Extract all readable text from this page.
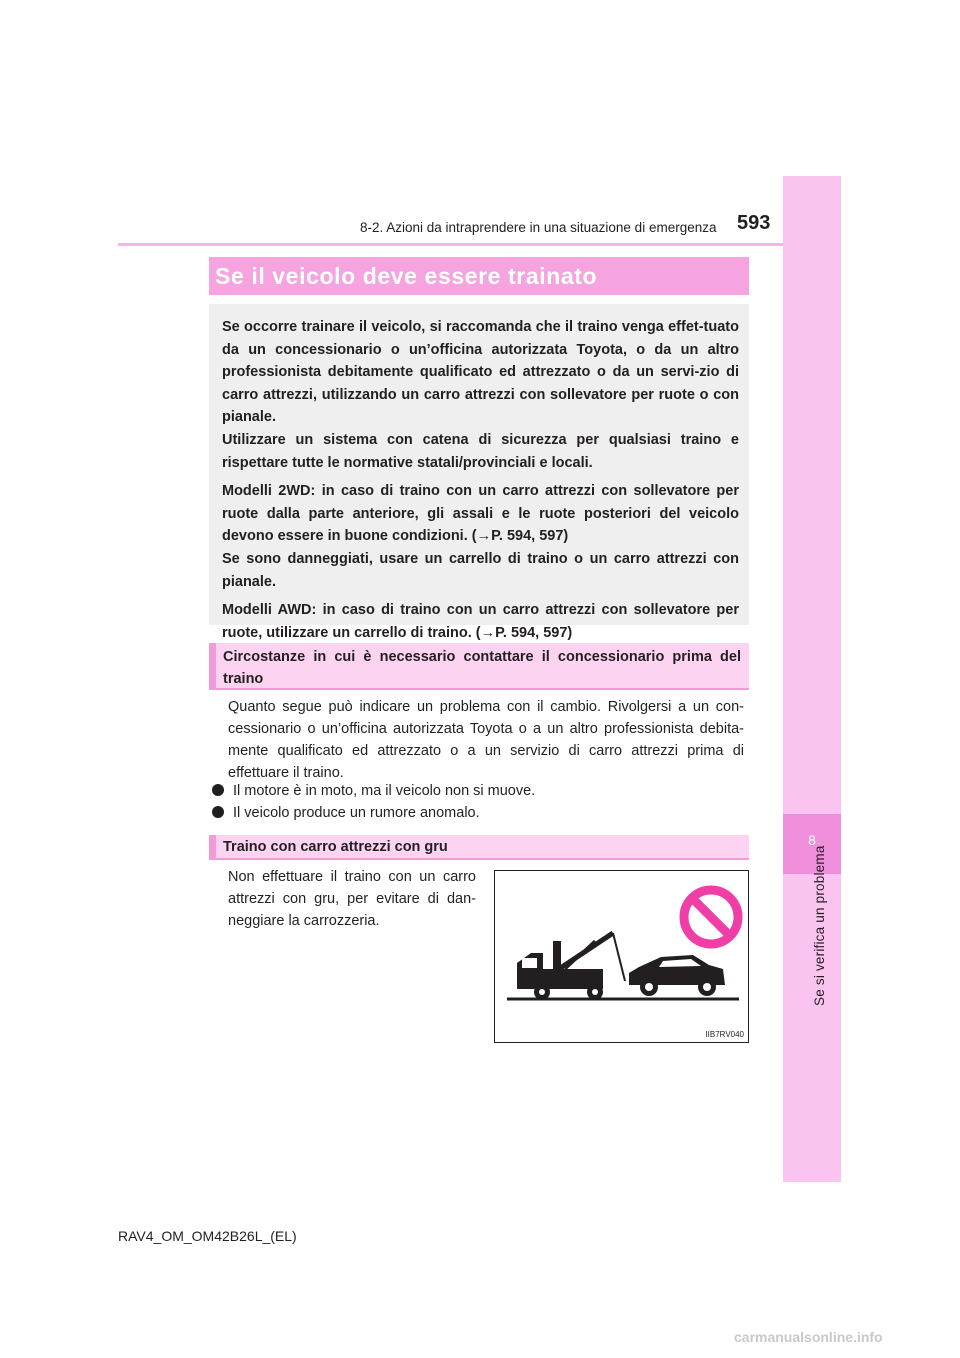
8
Se si verifica un problema
8-2. Azioni da intraprendere in una situazione di emergenza 593
Se il veicolo deve essere trainato

Se occorre trainare il veicolo, si raccomanda che il traino venga effet-tuato da un concessionario o un’officina autorizzata Toyota, o da un altro professionista debitamente qualificato ed attrezzato o da un servi-zio di carro attrezzi, utilizzando un carro attrezzi con sollevatore per ruote o con pianale.

Utilizzare un sistema con catena di sicurezza per qualsiasi traino e rispettare tutte le normative statali/provinciali e locali.

Modelli 2WD: in caso di traino con un carro attrezzi con sollevatore per ruote dalla parte anteriore, gli assali e le ruote posteriori del veicolo devono essere in buone condizioni. (→P. 594, 597)

Se sono danneggiati, usare un carrello di traino o un carro attrezzi con pianale.

Modelli AWD: in caso di traino con un carro attrezzi con sollevatore per ruote, utilizzare un carrello di traino. (→P. 594, 597)

Circostanze in cui è necessario contattare il concessionario prima del traino
Quanto segue può indicare un problema con il cambio. Rivolgersi a un con-cessionario o un’officina autorizzata Toyota o a un altro professionista debita-mente qualificato ed attrezzato o a un servizio di carro attrezzi prima di effettuare il traino.
Il motore è in moto, ma il veicolo non si muove.
Il veicolo produce un rumore anomalo.
Traino con carro attrezzi con gru
Non effettuare il traino con un carro attrezzi con gru, per evitare di dan-neggiare la carrozzeria.
IIB7RV040
RAV4_OM_OM42B26L_(EL)
carmanualsonline.info
